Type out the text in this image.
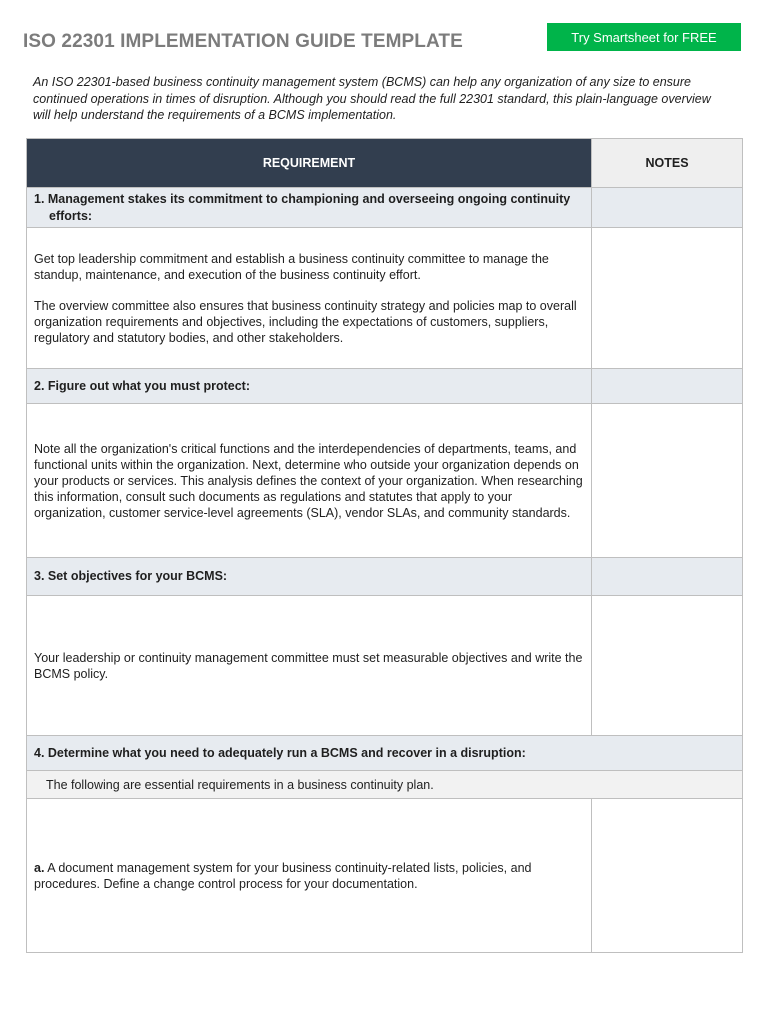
ISO 22301 IMPLEMENTATION GUIDE TEMPLATE	Try Smartsheet for FREE
An ISO 22301-based business continuity management system (BCMS) can help any organization of any size to ensure continued operations in times of disruption. Although you should read the full 22301 standard, this plain-language overview will help understand the requirements of a BCMS implementation.
REQUIREMENT	NOTES

1. Management stakes its commitment to championing and overseeing ongoing continuity efforts:	

Get top leadership commitment and establish a business continuity committee to manage the standup, maintenance, and execution of the business continuity effort.

The overview committee also ensures that business continuity strategy and policies map to overall organization requirements and objectives, including the expectations of customers, suppliers, regulatory and statutory bodies, and other stakeholders.	

2. Figure out what you must protect:	

Note all the organization's critical functions and the interdependencies of departments, teams, and functional units within the organization. Next, determine who outside your organization depends on your products or services. This analysis defines the context of your organization. When researching this information, consult such documents as regulations and statutes that apply to your organization, customer service-level agreements (SLA), vendor SLAs, and community standards.	

3. Set objectives for your BCMS:	

Your leadership or continuity management committee must set measurable objectives and write the BCMS policy.	

4. Determine what you need to adequately run a BCMS and recover in a disruption:	

The following are essential requirements in a business continuity plan.	

a. A document management system for your business continuity-related lists, policies, and procedures. Define a change control process for your documentation.	
